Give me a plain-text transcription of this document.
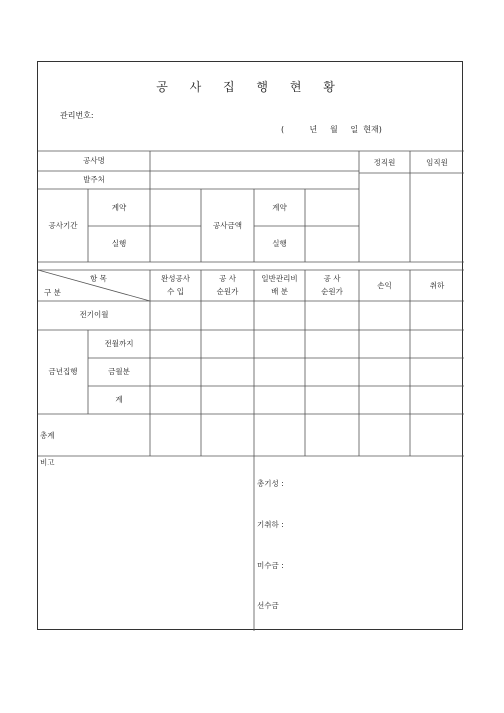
공 사 집 행 현 황
관리번호:
(          년     월     일  현재)
공사명
발주처
공사기간
계약
실행
공사금액
계약
실행
정직원	임직원
항 목
구 분
완성공사
수 입
공 사
순원가
일반관리비
배 분
공 사
순원가
손익	취하
전기이월
금년집행
전월까지
금월분
계
총계
비고
총기성 :
기취하 :
미수금 :
선수금
